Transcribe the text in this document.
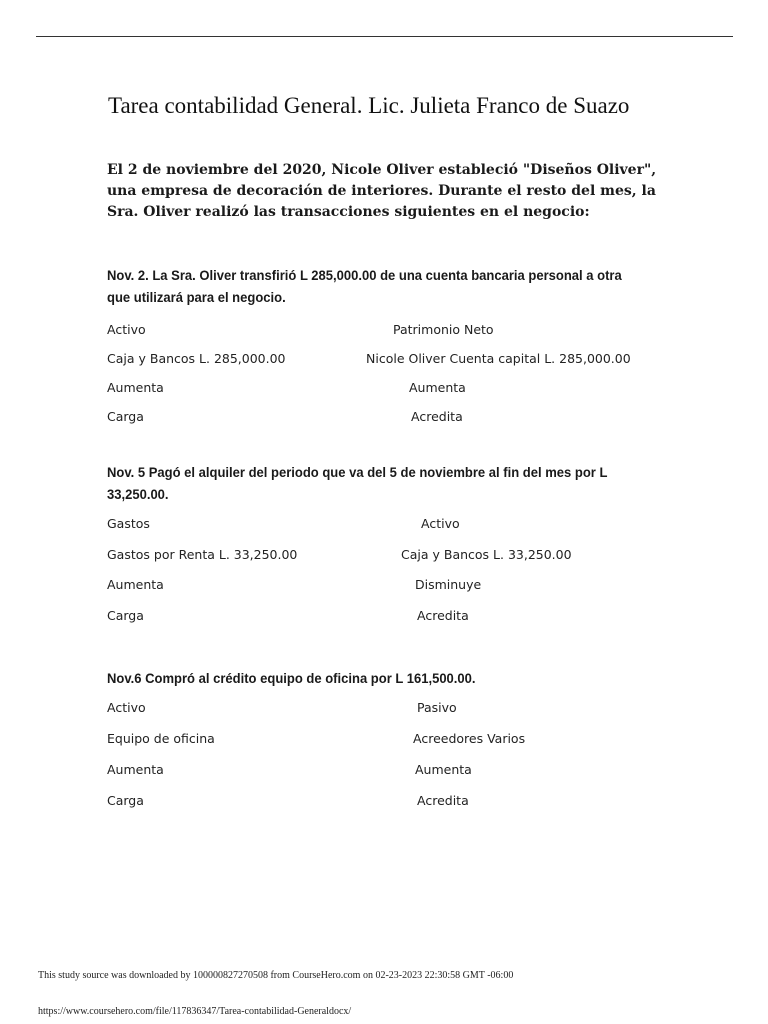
Tarea contabilidad General. Lic. Julieta Franco de Suazo

El 2 de noviembre del 2020, Nicole Oliver estableció "Diseños Oliver", una empresa de decoración de interiores. Durante el resto del mes, la Sra. Oliver realizó las transacciones siguientes en el negocio:

Nov. 2. La Sra. Oliver transfirió L 285,000.00 de una cuenta bancaria personal a otra que utilizará para el negocio.

Activo	Patrimonio Neto
Caja y Bancos L. 285,000.00	Nicole Oliver Cuenta capital L. 285,000.00
Aumenta	Aumenta
Carga	Acredita

Nov. 5 Pagó el alquiler del periodo que va del 5 de noviembre al fin del mes por L 33,250.00.

Gastos	Activo
Gastos por Renta L. 33,250.00	Caja y Bancos L. 33,250.00
Aumenta	Disminuye
Carga	Acredita

Nov.6 Compró al crédito equipo de oficina por L 161,500.00.

Activo	Pasivo
Equipo de oficina	Acreedores Varios
Aumenta	Aumenta
Carga	Acredita
This study source was downloaded by 100000827270508 from CourseHero.com on 02-23-2023 22:30:58 GMT -06:00
https://www.coursehero.com/file/117836347/Tarea-contabilidad-Generaldocx/
